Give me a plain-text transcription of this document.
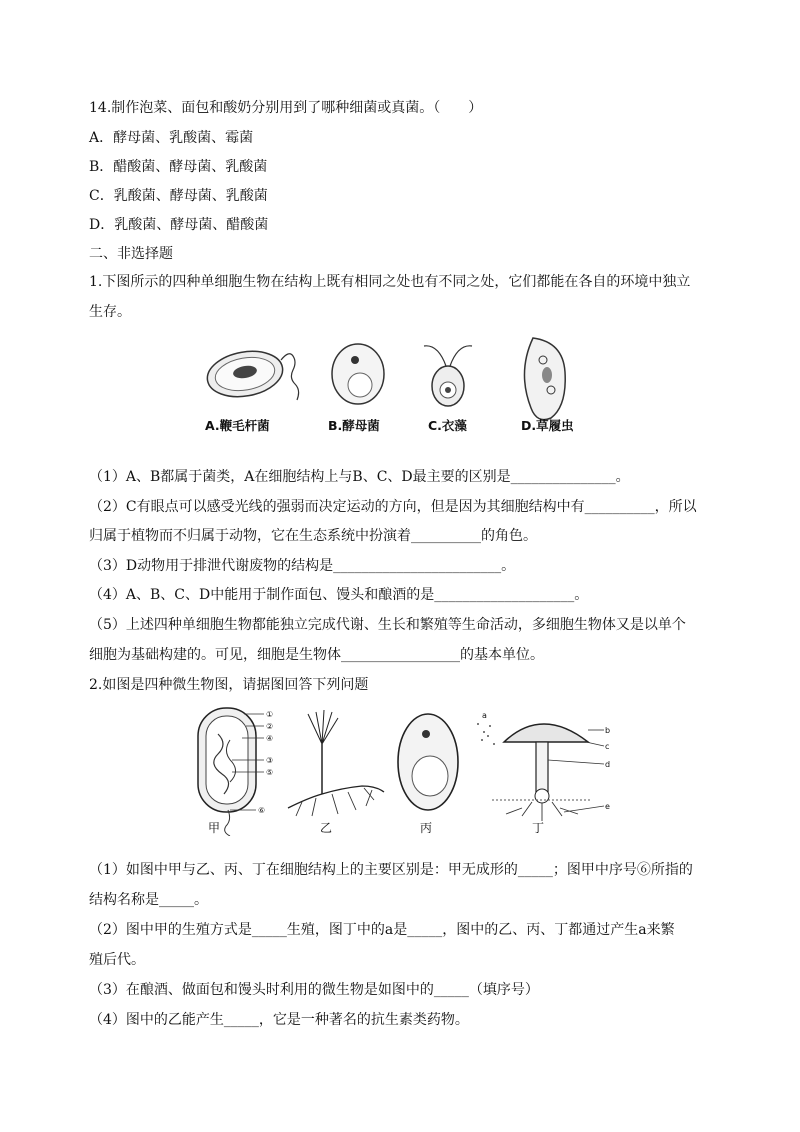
14.制作泡菜、面包和酸奶分别用到了哪种细菌或真菌。（　　）
A．酵母菌、乳酸菌、霉菌
B．醋酸菌、酵母菌、乳酸菌
C．乳酸菌、酵母菌、乳酸菌
D．乳酸菌、酵母菌、醋酸菌
二、非选择题
1.下图所示的四种单细胞生物在结构上既有相同之处也有不同之处，它们都能在各自的环境中独立
生存。
A.鞭毛杆菌	B.酵母菌	C.衣藻	D.草履虫
（1）A、B都属于菌类，A在细胞结构上与B、C、D最主要的区别是_______________。
（2）C有眼点可以感受光线的强弱而决定运动的方向，但是因为其细胞结构中有__________，所以
归属于植物而不归属于动物，它在生态系统中扮演着__________的角色。
（3）D动物用于排泄代谢废物的结构是________________________。
（4）A、B、C、D中能用于制作面包、馒头和酿酒的是____________________。
（5）上述四种单细胞生物都能独立完成代谢、生长和繁殖等生命活动，多细胞生物体又是以单个
细胞为基础构建的。可见，细胞是生物体_________________的基本单位。
2.如图是四种微生物图，请据图回答下列问题
①
②
④
③
⑤
⑥
甲	乙	丙
a
b
c
d
e
丁
（1）如图中甲与乙、丙、丁在细胞结构上的主要区别是：甲无成形的_____；图甲中序号⑥所指的
结构名称是_____。
（2）图中甲的生殖方式是_____生殖，图丁中的a是_____，图中的乙、丙、丁都通过产生a来繁
殖后代。
（3）在酿酒、做面包和馒头时利用的微生物是如图中的_____（填序号）
（4）图中的乙能产生_____，它是一种著名的抗生素类药物。
